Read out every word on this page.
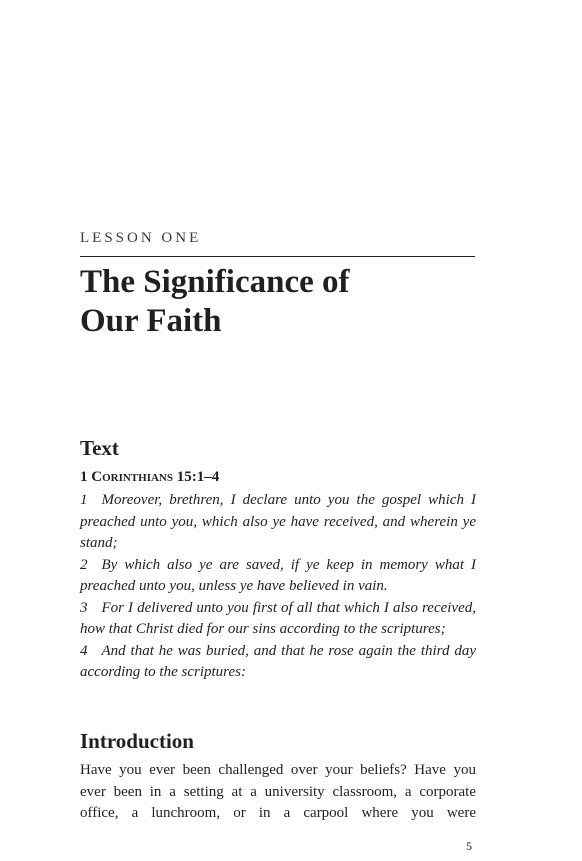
LESSON ONE
The Significance of
Our Faith
Text
1 Corinthians 15:1–4

1 Moreover, brethren, I declare unto you the gospel which I preached unto you, which also ye have received, and wherein ye stand;

2 By which also ye are saved, if ye keep in memory what I preached unto you, unless ye have believed in vain.

3 For I delivered unto you first of all that which I also received, how that Christ died for our sins according to the scriptures;

4 And that he was buried, and that he rose again the third day according to the scriptures:

Introduction

Have you ever been challenged over your beliefs? Have you
ever been in a setting at a university classroom, a corporate
office, a lunchroom, or in a carpool where you were

5
